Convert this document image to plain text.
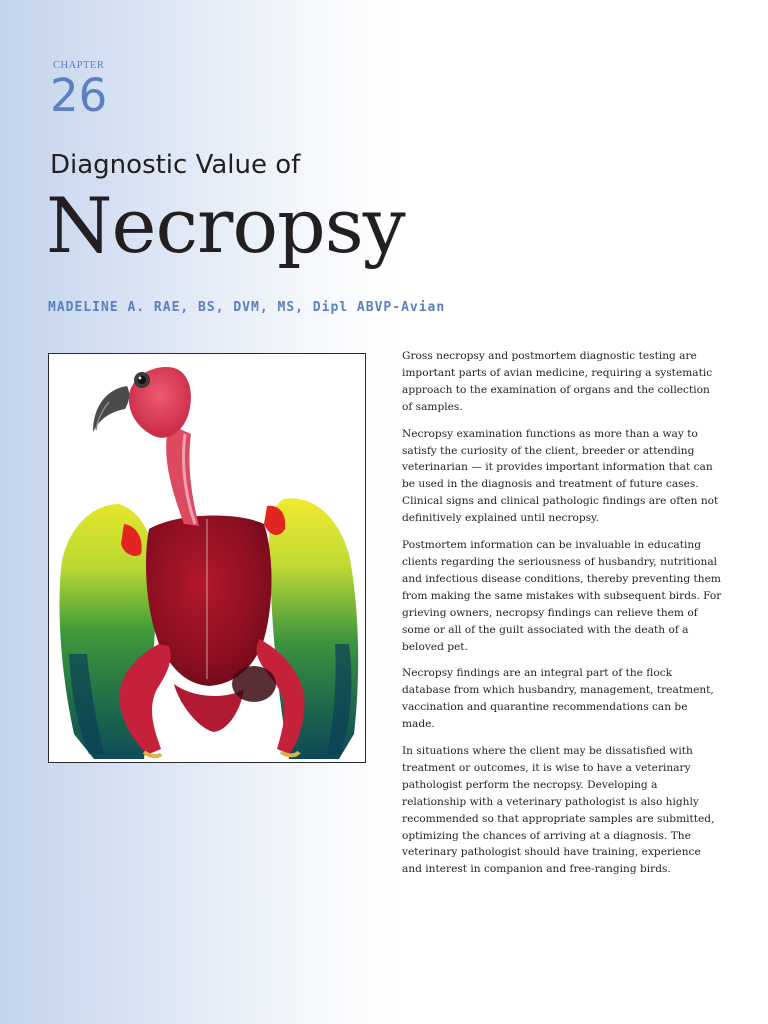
CHAPTER
26
Diagnostic Value of
Necropsy
MADELINE A. RAE, BS, DVM, MS, Dipl ABVP-Avian

Gross necropsy and postmortem diagnostic testing are important parts of avian medicine, requiring a systematic approach to the examination of organs and the collection of samples.

Necropsy examination functions as more than a way to satisfy the curiosity of the client, breeder or attending veterinarian — it provides important information that can be used in the diagnosis and treatment of future cases. Clinical signs and clinical pathologic findings are often not definitively explained until necropsy.

Postmortem information can be invaluable in educating clients regarding the seriousness of husbandry, nutritional and infectious disease conditions, thereby preventing them from making the same mistakes with subsequent birds. For grieving owners, necropsy findings can relieve them of some or all of the guilt associated with the death of a beloved pet.

Necropsy findings are an integral part of the flock database from which husbandry, management, treatment, vaccination and quarantine recommendations can be made.

In situations where the client may be dissatisfied with treatment or outcomes, it is wise to have a veterinary pathologist perform the necropsy. Developing a relationship with a veterinary pathologist is also highly recommended so that appropriate samples are submitted, optimizing the chances of arriving at a diagnosis. The veterinary pathologist should have training, experience and interest in companion and free-ranging birds.
